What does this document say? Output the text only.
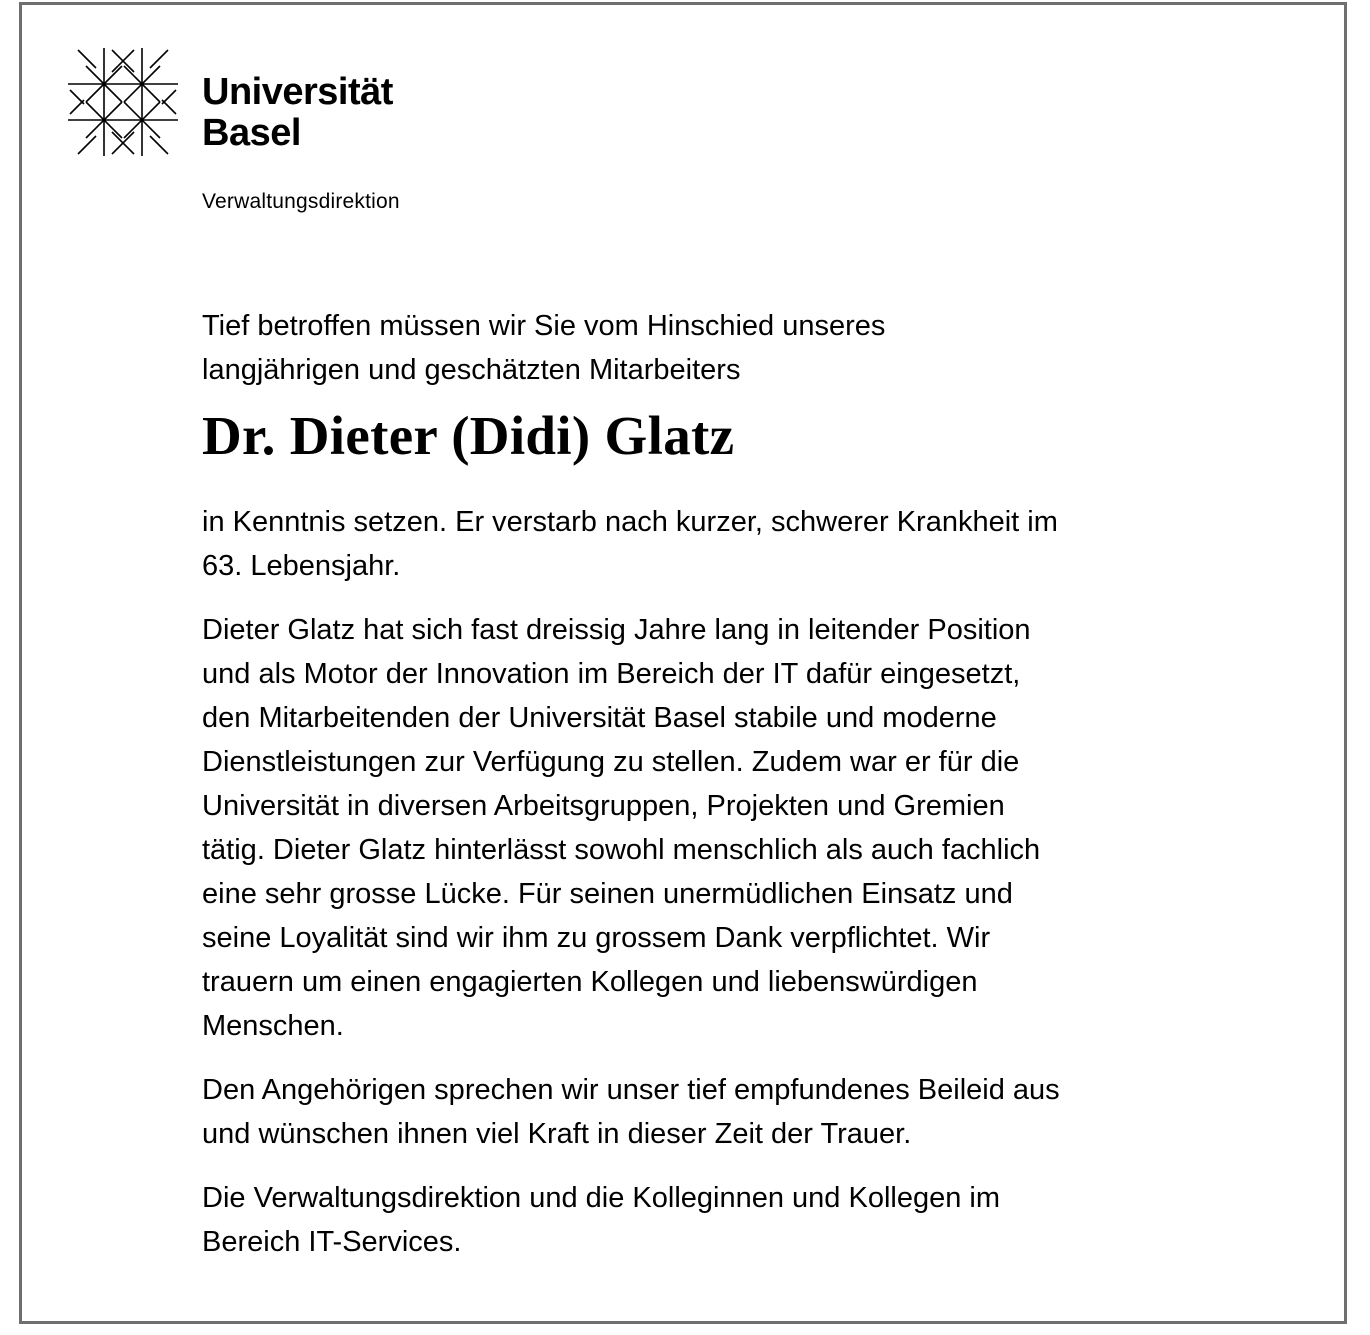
Universität
Basel
Verwaltungsdirektion

Tief betroffen müssen wir Sie vom Hinschied unseres
langjährigen und geschätzten Mitarbeiters

Dr. Dieter (Didi) Glatz

in Kenntnis setzen. Er verstarb nach kurzer, schwerer Krankheit im
63. Lebensjahr.

Dieter Glatz hat sich fast dreissig Jahre lang in leitender Position
und als Motor der Innovation im Bereich der IT dafür eingesetzt,
den Mitarbeitenden der Universität Basel stabile und moderne
Dienstleistungen zur Verfügung zu stellen. Zudem war er für die
Universität in diversen Arbeitsgruppen, Projekten und Gremien
tätig. Dieter Glatz hinterlässt sowohl menschlich als auch fachlich
eine sehr grosse Lücke. Für seinen unermüdlichen Einsatz und
seine Loyalität sind wir ihm zu grossem Dank verpflichtet. Wir
trauern um einen engagierten Kollegen und liebenswürdigen
Menschen.

Den Angehörigen sprechen wir unser tief empfundenes Beileid aus
und wünschen ihnen viel Kraft in dieser Zeit der Trauer.

Die Verwaltungsdirektion und die Kolleginnen und Kollegen im
Bereich IT-Services.
